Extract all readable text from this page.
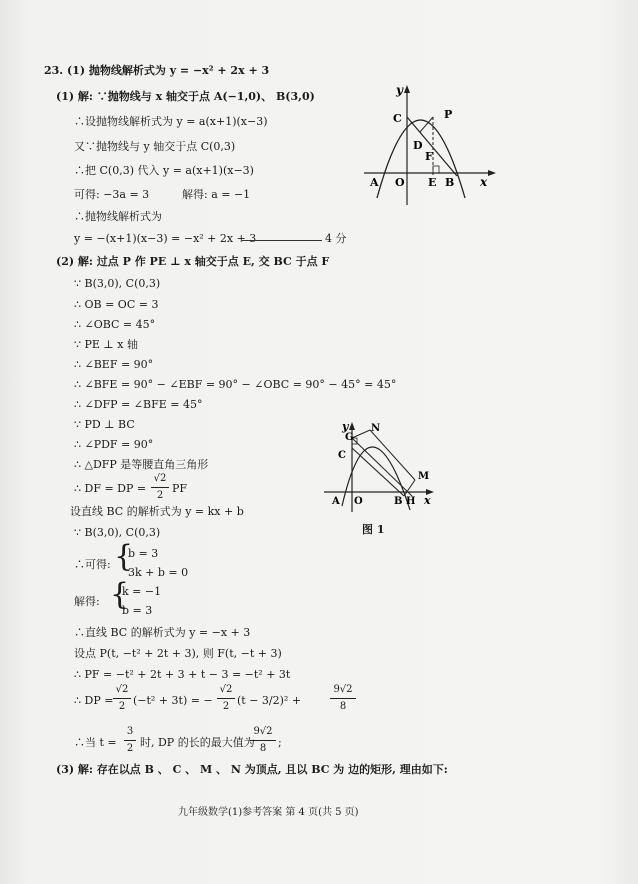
23. (1) 抛物线解析式为 y = −x² + 2x + 3
(1) 解: ∵抛物线与 x 轴交于点 A(−1,0)、 B(3,0)
∴设抛物线解析式为 y = a(x+1)(x−3)
又∵抛物线与 y 轴交于点 C(0,3)
∴把 C(0,3) 代入 y = a(x+1)(x−3)
可得: −3a = 3	解得: a = −1
∴抛物线解析式为
y = −(x+1)(x−3) = −x² + 2x + 3	4 分
y
C	P
D
F
A O E B x
(2) 解: 过点 P 作 PE ⊥ x 轴交于点 E, 交 BC 于点 F
∵ B(3,0), C(0,3)
∴ OB = OC = 3
∴ ∠OBC = 45°
∵ PE ⊥ x 轴
∴ ∠BEF = 90°
∴ ∠BFE = 90° − ∠EBF = 90° − ∠OBC = 90° − 45° = 45°
∴ ∠DFP = ∠BFE = 45°
∵ PD ⊥ BC
∴ ∠PDF = 90°
∴ △DFP 是等腰直角三角形
∴ DF = DP =
√2
2
PF
设直线 BC 的解析式为 y = kx + b
∵ B(3,0), C(0,3)
∴可得: {
b = 3
3k + b = 0
解得: {
k = −1
b = 3
∴直线 BC 的解析式为 y = −x + 3
设点 P(t, −t² + 2t + 3), 则 F(t, −t + 3)
∴ PF = −t² + 2t + 3 + t − 3 = −t² + 3t
∴ DP =
√2
2 (−t² + 3t) = −
√2
2 (t − 3/2)² +
9√2
8
∴当 t =
3
2 时, DP 的长的最大值为
9√2
8	;
(3) 解: 存在以点 B 、 C 、 M 、 N 为顶点, 且以 BC 为 边的矩形, 理由如下:
y
G
N
C
M
A O	B H x
图 1
九年级数学(1)参考答案 第 4 页(共 5 页)
